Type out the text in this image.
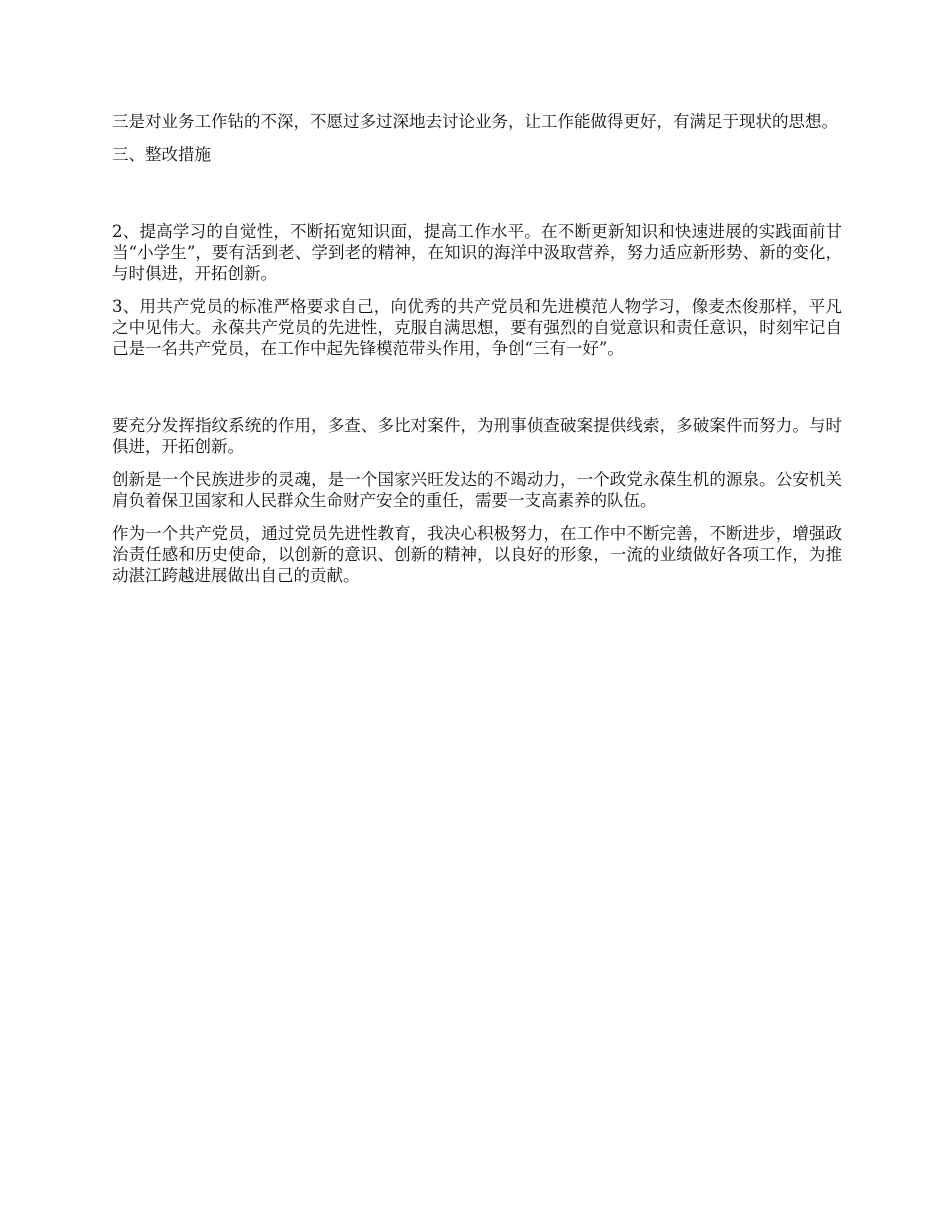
三是对业务工作钻的不深，不愿过多过深地去讨论业务，让工作能做得更好，有满足于现状的思想。

三、整改措施

2、提高学习的自觉性，不断拓宽知识面，提高工作水平。在不断更新知识和快速进展的实践面前甘当“小学生”，要有活到老、学到老的精神，在知识的海洋中汲取营养，努力适应新形势、新的变化，与时俱进，开拓创新。

3、用共产党员的标准严格要求自己，向优秀的共产党员和先进模范人物学习，像麦杰俊那样，平凡之中见伟大。永葆共产党员的先进性，克服自满思想，要有强烈的自觉意识和责任意识，时刻牢记自己是一名共产党员，在工作中起先锋模范带头作用，争创“三有一好”。

要充分发挥指纹系统的作用，多查、多比对案件，为刑事侦查破案提供线索，多破案件而努力。与时俱进，开拓创新。

创新是一个民族进步的灵魂，是一个国家兴旺发达的不竭动力，一个政党永葆生机的源泉。公安机关肩负着保卫国家和人民群众生命财产安全的重任，需要一支高素养的队伍。

作为一个共产党员，通过党员先进性教育，我决心积极努力，在工作中不断完善，不断进步，增强政治责任感和历史使命，以创新的意识、创新的精神，以良好的形象，一流的业绩做好各项工作，为推动湛江跨越进展做出自己的贡献。
